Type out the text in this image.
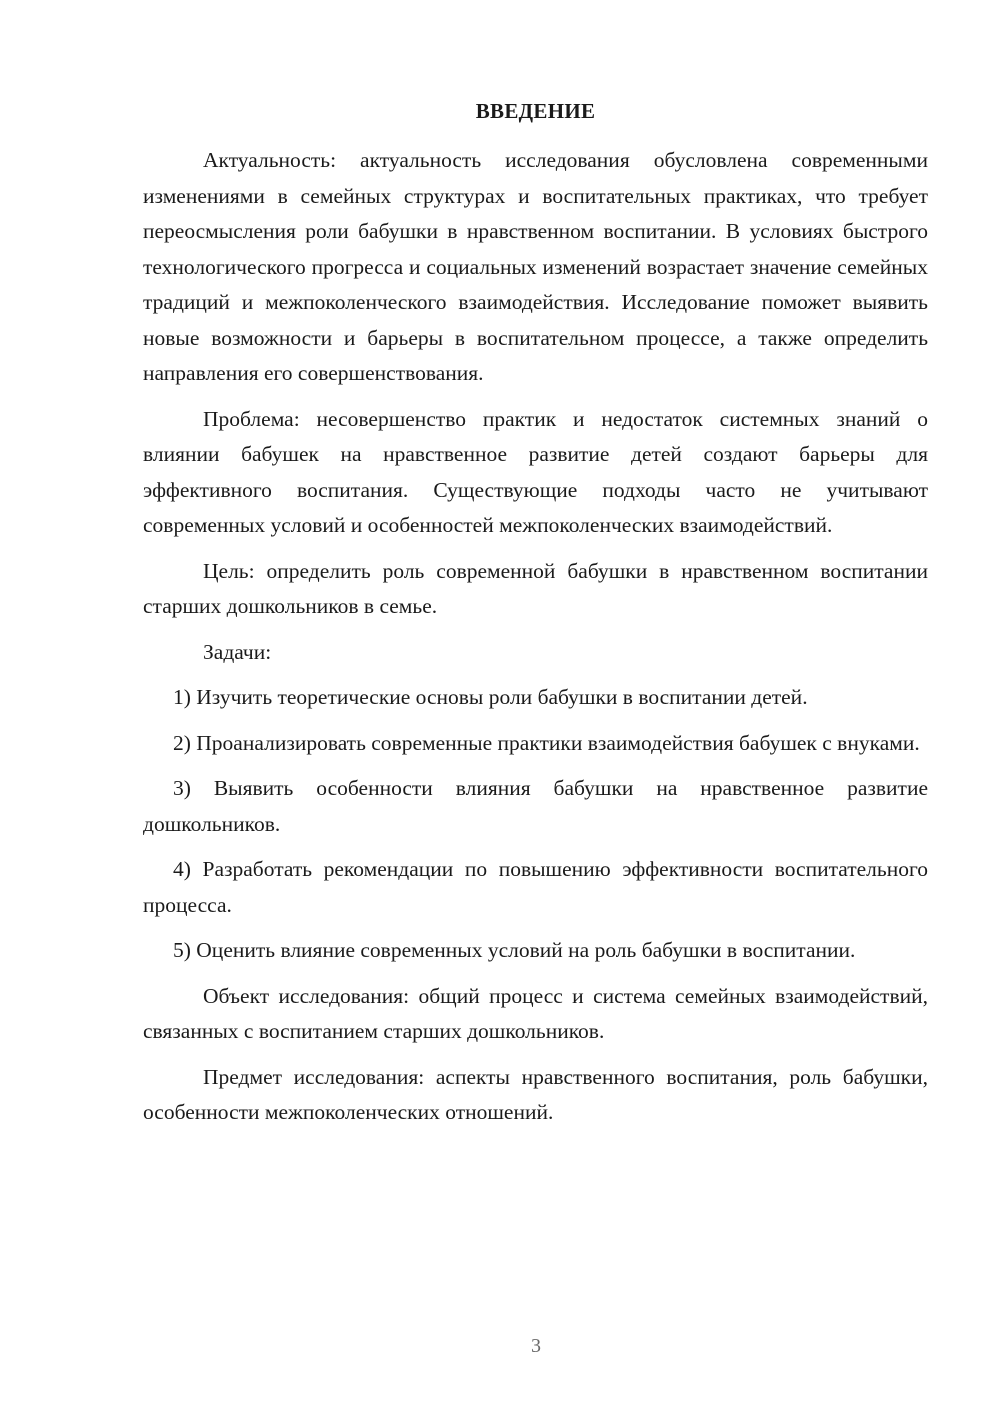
ВВЕДЕНИЕ

Актуальность: актуальность исследования обусловлена современными изменениями в семейных структурах и воспитательных практиках, что требует переосмысления роли бабушки в нравственном воспитании. В условиях быстрого технологического прогресса и социальных изменений возрастает значение семейных традиций и межпоколенческого взаимодействия. Исследование поможет выявить новые возможности и барьеры в воспитательном процессе, а также определить направления его совершенствования.

Проблема: несовершенство практик и недостаток системных знаний о влиянии бабушек на нравственное развитие детей создают барьеры для эффективного воспитания. Существующие подходы часто не учитывают современных условий и особенностей межпоколенческих взаимодействий.

Цель: определить роль современной бабушки в нравственном воспитании старших дошкольников в семье.

Задачи:

1) Изучить теоретические основы роли бабушки в воспитании детей.

2) Проанализировать современные практики взаимодействия бабушек с внуками.

3) Выявить особенности влияния бабушки на нравственное развитие дошкольников.

4) Разработать рекомендации по повышению эффективности воспитательного процесса.

5) Оценить влияние современных условий на роль бабушки в воспитании.

Объект исследования: общий процесс и система семейных взаимодействий, связанных с воспитанием старших дошкольников.

Предмет исследования: аспекты нравственного воспитания, роль бабушки, особенности межпоколенческих отношений.

3
